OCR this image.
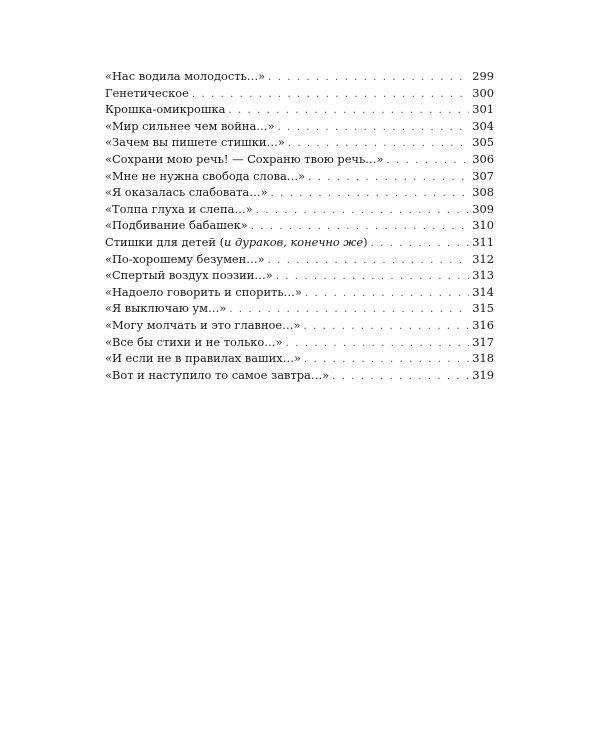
«Нас водила молодость…» . . .	299
Генетическое . . .	300
Крошка-омикрошка . . .	301
«Мир сильнее чем война…» . . .	304
«Зачем вы пишете стишки…» . . .	305
«Сохрани мою речь! — Сохраню твою речь…» . . .	306
«Мне не нужна свобода слова…» . . .	307
«Я оказалась слабовата…» . . .	308
«Толпа глуха и слепа…» . . .	309
«Подбивание бабашек» . . .	310
Стишки для детей (и дураков, конечно же) . . .	311
«По-хорошему безумен…» . . .	312
«Спертый воздух поэзии…» . . .	313
«Надоело говорить и спорить…» . . .	314
«Я выключаю ум…» . . .	315
«Могу молчать и это главное…» . . .	316
«Все бы стихи и не только…» . . .	317
«И если не в правилах ваших…» . . .	318
«Вот и наступило то самое завтра…» . . .	319
